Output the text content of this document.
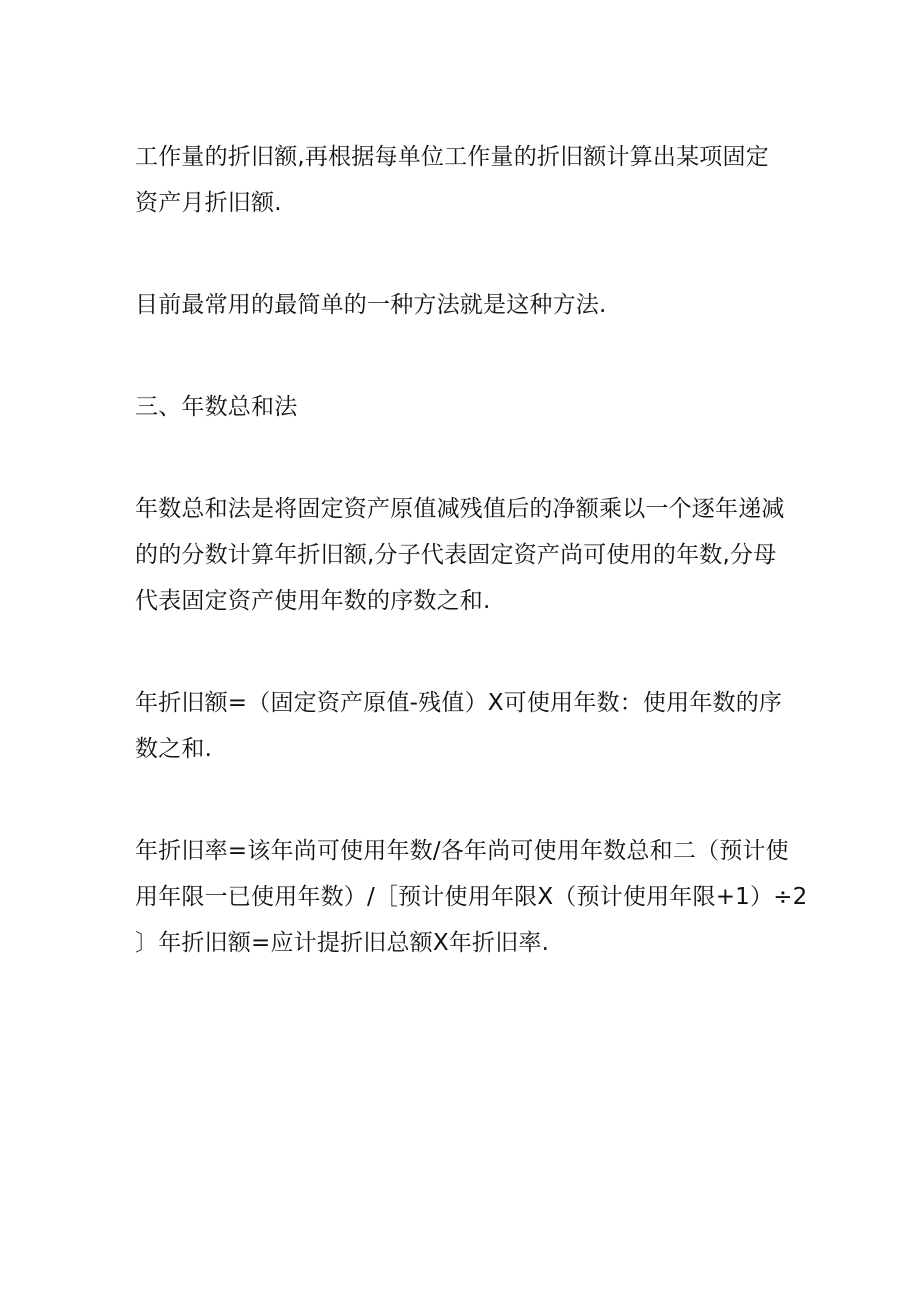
工作量的折旧额,再根据每单位工作量的折旧额计算出某项固定
资产月折旧额.

目前最常用的最简单的一种方法就是这种方法.

三、年数总和法

年数总和法是将固定资产原值减残值后的净额乘以一个逐年递减
的的分数计算年折旧额,分子代表固定资产尚可使用的年数,分母
代表固定资产使用年数的序数之和.

年折旧额=（固定资产原值-残值）X可使用年数：使用年数的序
数之和.

年折旧率=该年尚可使用年数/各年尚可使用年数总和二（预计使
用年限一已使用年数）/［预计使用年限X（预计使用年限+1）÷2
〕年折旧额=应计提折旧总额X年折旧率.
